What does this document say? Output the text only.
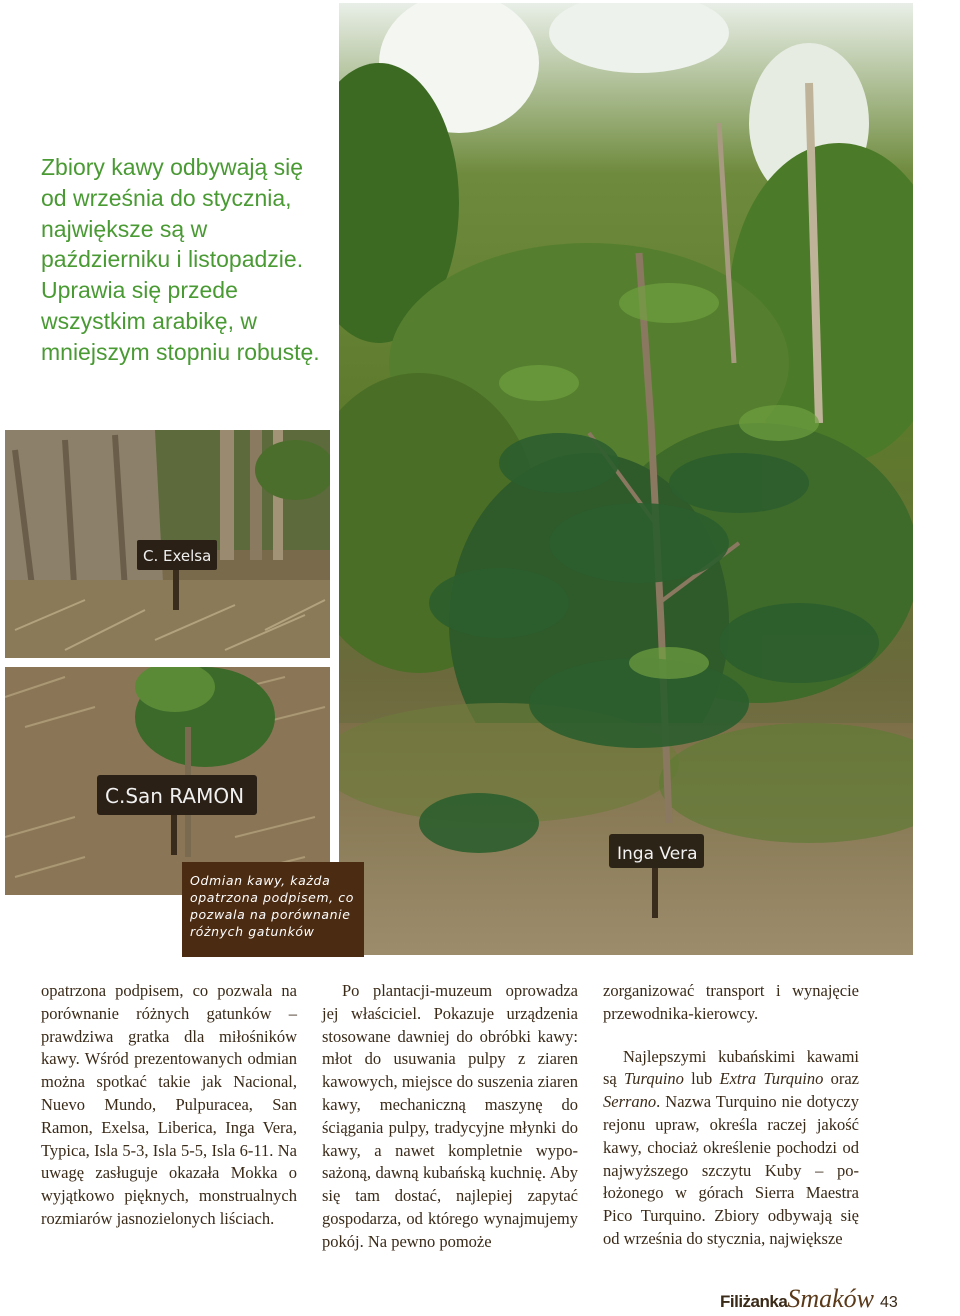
Inga Vera
C. Exelsa
C.San RAMON
Zbiory kawy odbywają się od września do stycznia, największe są w październiku i listopadzie. Uprawia się przede wszystkim arabikę, w mniejszym stopniu robustę.
Odmian kawy, każda opatrzona podpisem, co pozwala na porównanie różnych gatunków

opatrzona podpisem, co pozwala na porównanie różnych gatunków – prawdziwa gratka dla miłośników kawy. Wśród prezentowanych odmian można spotkać takie jak Nacional, Nuevo Mundo, Pulpuracea, San Ramon, Exelsa, Liberica, Inga Vera, Typica, Isla 5-3, Isla 5-5, Isla 6-11. Na uwagę zasługuje okazała Mokka o wyjątkowo pięknych, monstrualnych rozmiarów jasnozielonych liściach.

Po plantacji-muzeum oprowadza jej właściciel. Pokazuje urządzenia stosowane dawniej do obróbki kawy: młot do usuwania pulpy z ziaren kawowych, miejsce do suszenia ziaren kawy, mechaniczną maszynę do ściągania pulpy, tradycyjne młynki do kawy, a nawet kompletnie wyposażoną, dawną kubańską kuchnię. Aby się tam dostać, najlepiej zapytać gospodarza, od którego wynajmujemy pokój. Na pewno pomoże

zorganizować transport i wynajęcie przewodnika-kierowcy.

Najlepszymi kubańskimi kawami są Turquino lub Extra Turquino oraz Serrano. Nazwa Turquino nie dotyczy rejonu upraw, określa raczej jakość kawy, chociaż określenie pochodzi od najwyższego szczytu Kuby – położonego w górach Sierra Maestra Pico Turquino. Zbiory odbywają się od września do stycznia, największe

FiliżankaSmaków 43
